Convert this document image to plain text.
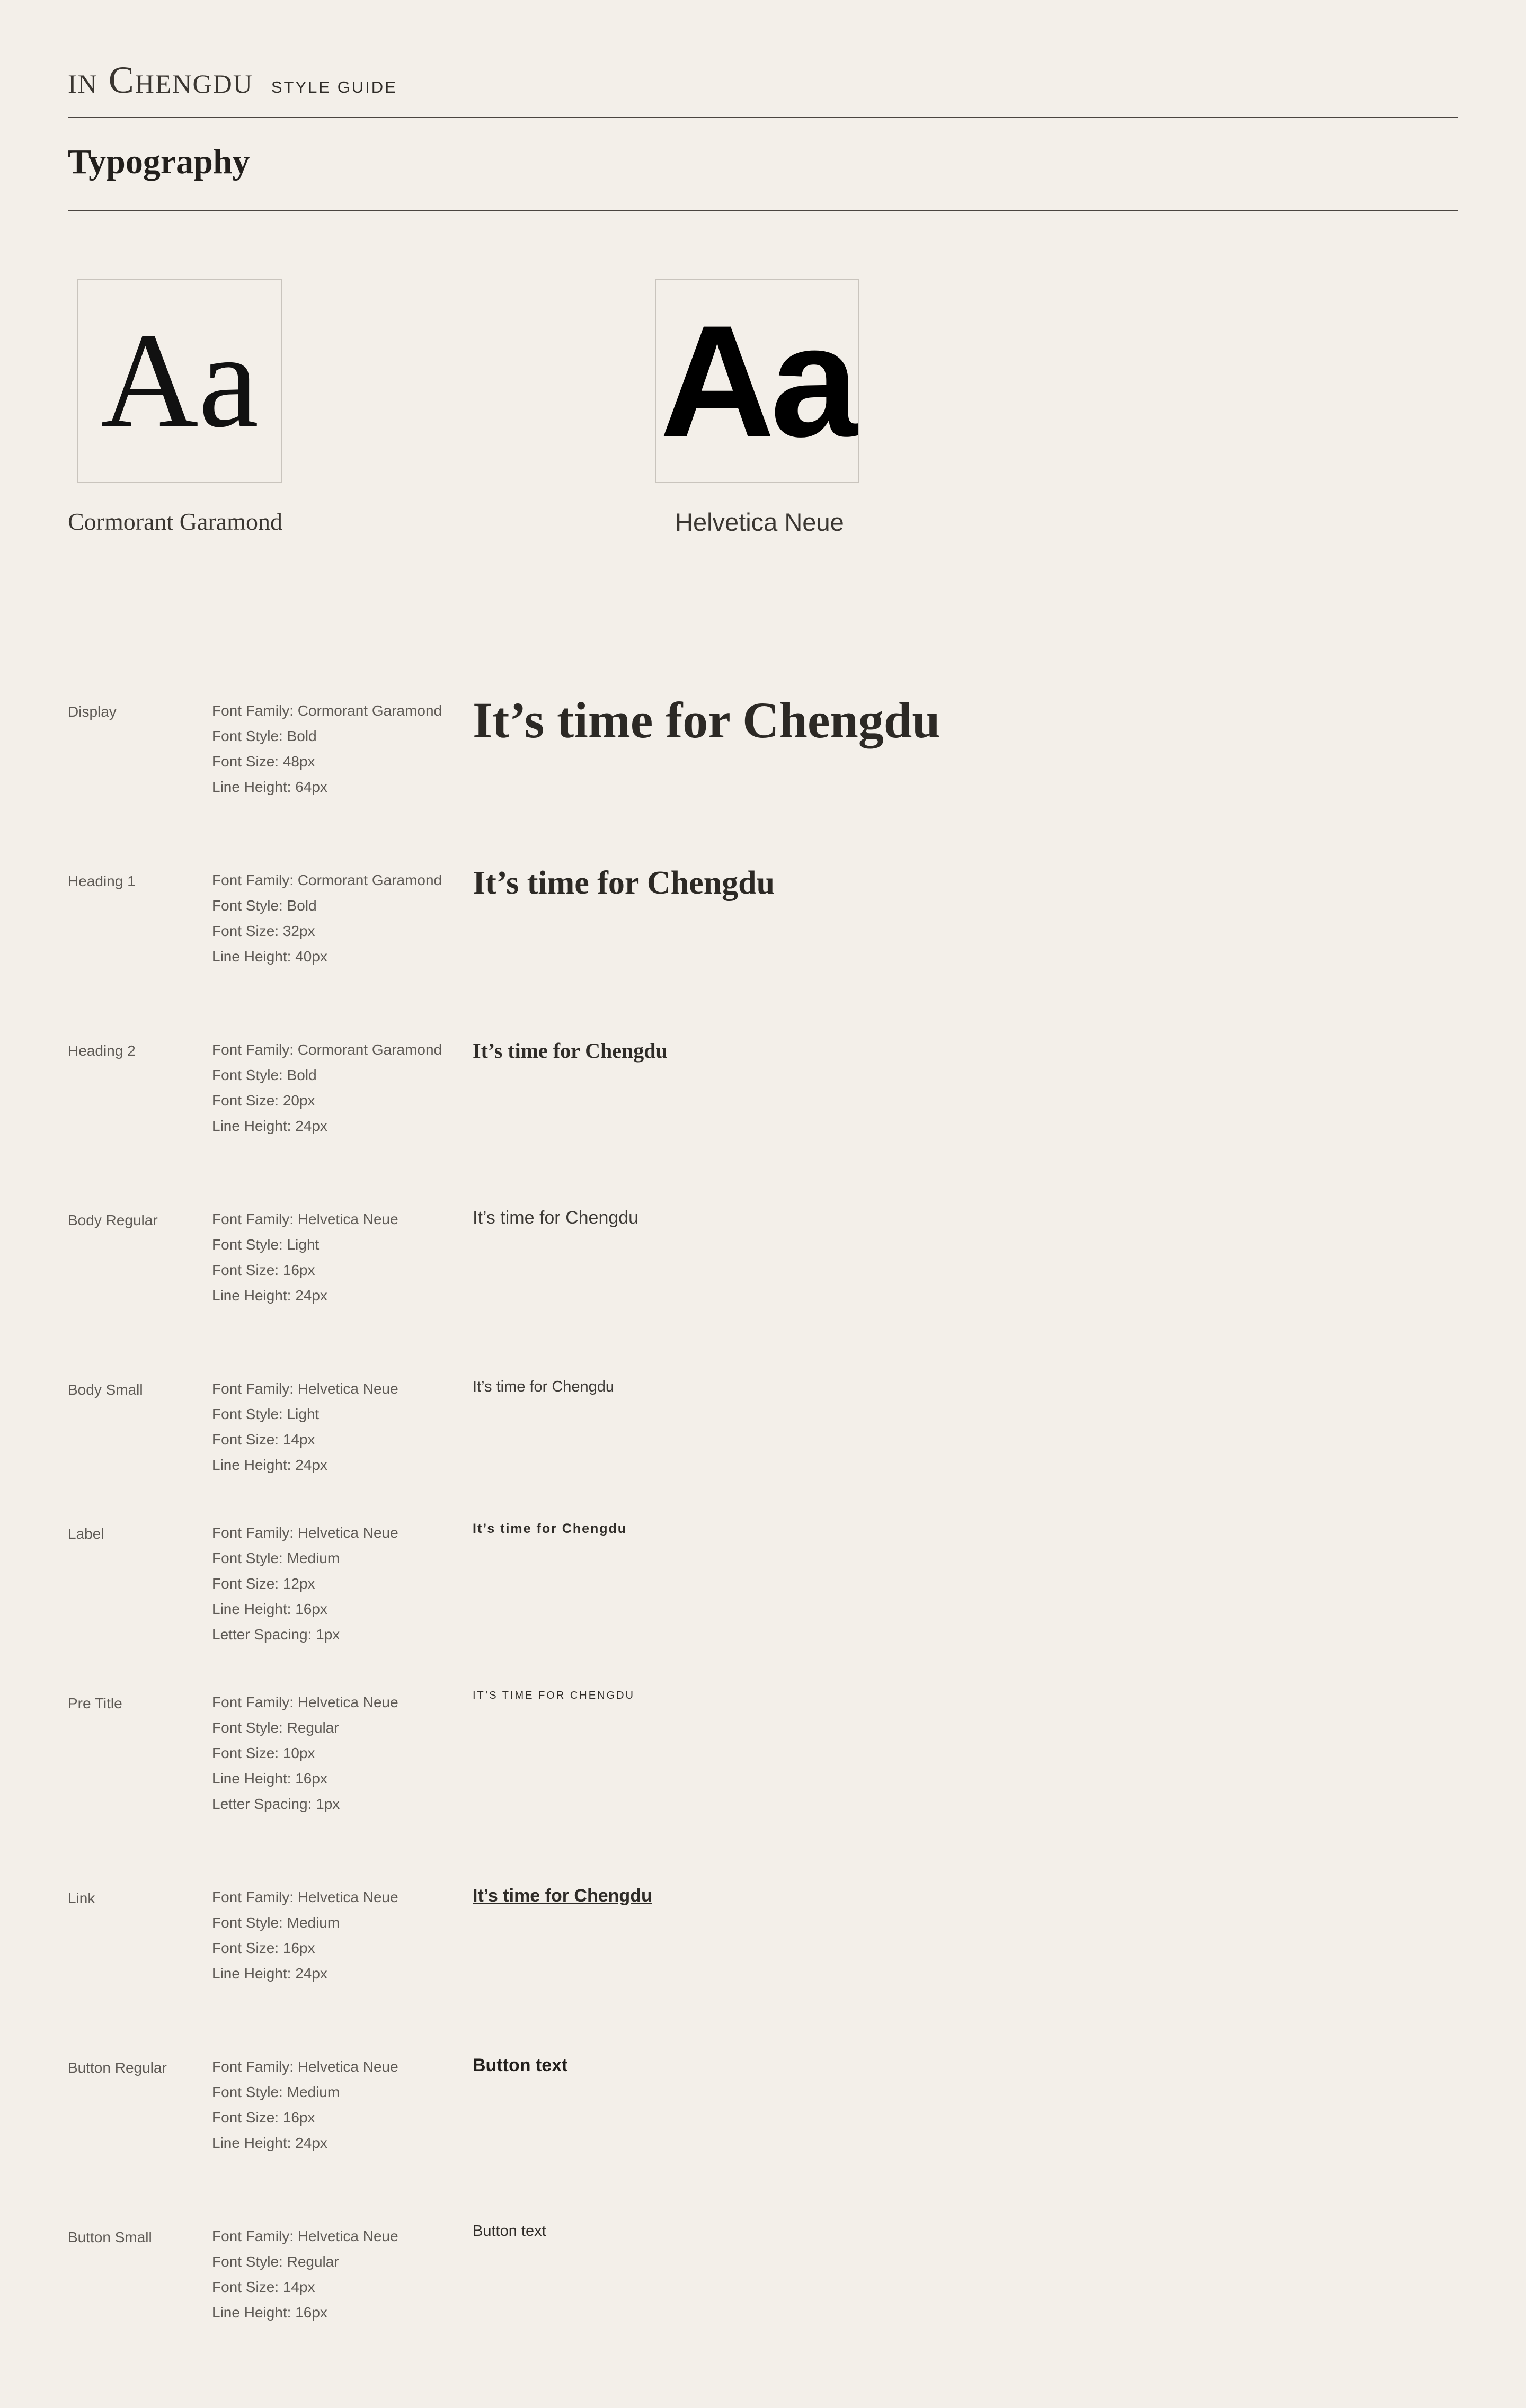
in Chengdu STYLE GUIDE
Typography
Aa
Cormorant Garamond
Aa
Helvetica Neue
Display	Font Family: Cormorant Garamond

Font Style: Bold

Font Size: 48px

Line Height: 64px

It’s time for Chengdu
Heading 1	Font Family: Cormorant Garamond

Font Style: Bold

Font Size: 32px

Line Height: 40px

It’s time for Chengdu
Heading 2	Font Family: Cormorant Garamond

Font Style: Bold

Font Size: 20px

Line Height: 24px

It’s time for Chengdu
Body Regular	Font Family: Helvetica Neue

Font Style: Light

Font Size: 16px

Line Height: 24px

It’s time for Chengdu
Body Small	Font Family: Helvetica Neue

Font Style: Light

Font Size: 14px

Line Height: 24px

It’s time for Chengdu
Label	Font Family: Helvetica Neue

Font Style: Medium

Font Size: 12px

Line Height: 16px

Letter Spacing: 1px

It’s time for Chengdu
Pre Title	Font Family: Helvetica Neue

Font Style: Regular

Font Size: 10px

Line Height: 16px

Letter Spacing: 1px

IT’S TIME FOR CHENGDU
Link	Font Family: Helvetica Neue

Font Style: Medium

Font Size: 16px

Line Height: 24px

It’s time for Chengdu
Button Regular	Font Family: Helvetica Neue

Font Style: Medium

Font Size: 16px

Line Height: 24px

Button text
Button Small	Font Family: Helvetica Neue

Font Style: Regular

Font Size: 14px

Line Height: 16px

Button text
